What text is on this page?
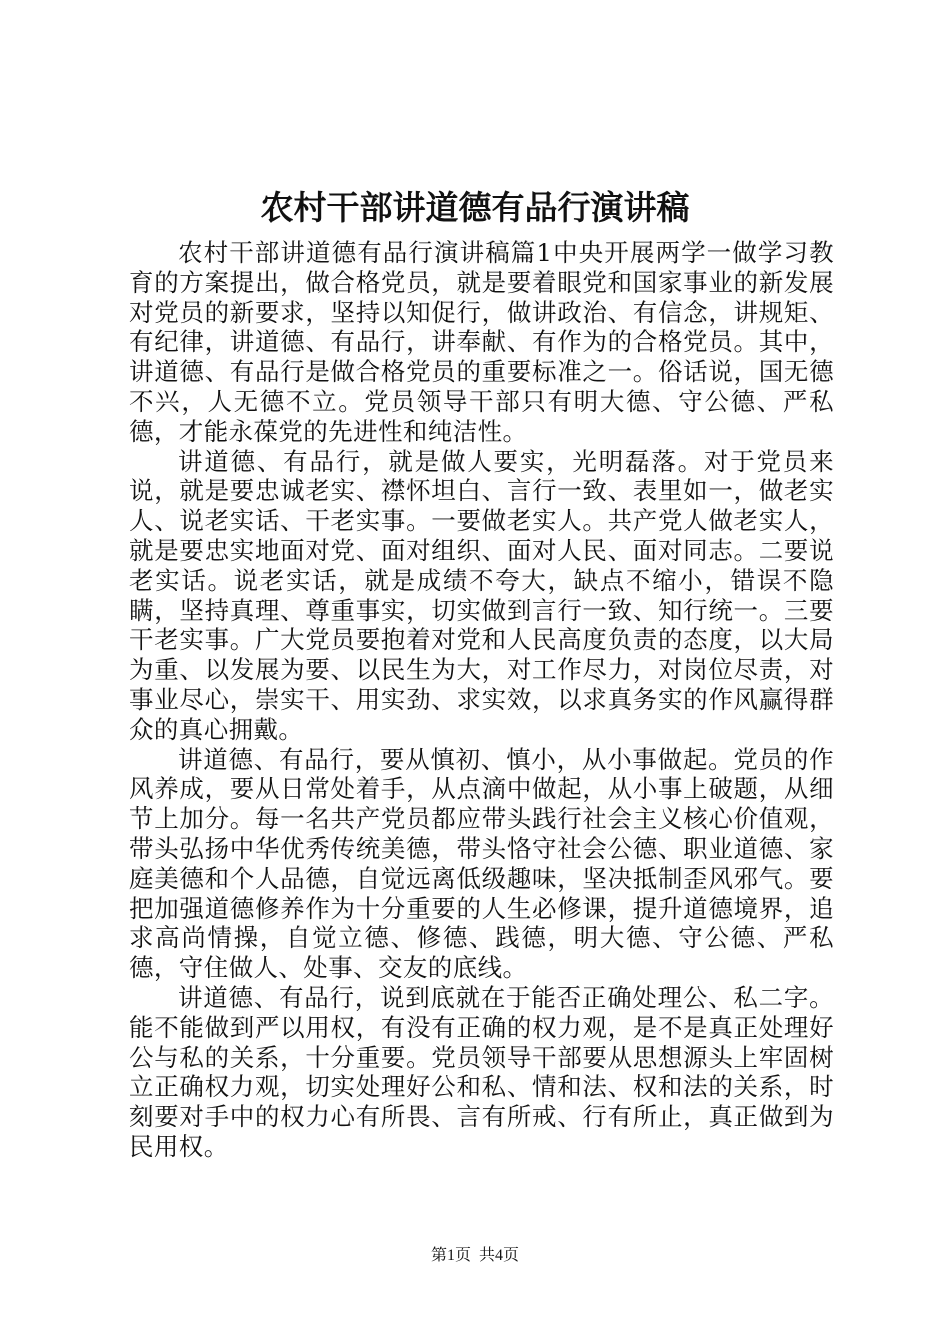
农村干部讲道德有品行演讲稿

农村干部讲道德有品行演讲稿篇1中央开展两学一做学习教育的方案提出，做合格党员，就是要着眼党和国家事业的新发展对党员的新要求，坚持以知促行，做讲政治、有信念，讲规矩、有纪律，讲道德、有品行，讲奉献、有作为的合格党员。其中，讲道德、有品行是做合格党员的重要标准之一。俗话说，国无德不兴，人无德不立。党员领导干部只有明大德、守公德、严私德，才能永葆党的先进性和纯洁性。

讲道德、有品行，就是做人要实，光明磊落。对于党员来说，就是要忠诚老实、襟怀坦白、言行一致、表里如一，做老实人、说老实话、干老实事。一要做老实人。共产党人做老实人，就是要忠实地面对党、面对组织、面对人民、面对同志。二要说老实话。说老实话，就是成绩不夸大，缺点不缩小，错误不隐瞒，坚持真理、尊重事实，切实做到言行一致、知行统一。三要干老实事。广大党员要抱着对党和人民高度负责的态度，以大局为重、以发展为要、以民生为大，对工作尽力，对岗位尽责，对事业尽心，崇实干、用实劲、求实效，以求真务实的作风赢得群众的真心拥戴。

讲道德、有品行，要从慎初、慎小，从小事做起。党员的作风养成，要从日常处着手，从点滴中做起，从小事上破题，从细节上加分。每一名共产党员都应带头践行社会主义核心价值观，带头弘扬中华优秀传统美德，带头恪守社会公德、职业道德、家庭美德和个人品德，自觉远离低级趣味，坚决抵制歪风邪气。要把加强道德修养作为十分重要的人生必修课，提升道德境界，追求高尚情操，自觉立德、修德、践德，明大德、守公德、严私德，守住做人、处事、交友的底线。

讲道德、有品行，说到底就在于能否正确处理公、私二字。能不能做到严以用权，有没有正确的权力观，是不是真正处理好公与私的关系，十分重要。党员领导干部要从思想源头上牢固树立正确权力观，切实处理好公和私、情和法、权和法的关系，时刻要对手中的权力心有所畏、言有所戒、行有所止，真正做到为民用权。

第1页 共4页
